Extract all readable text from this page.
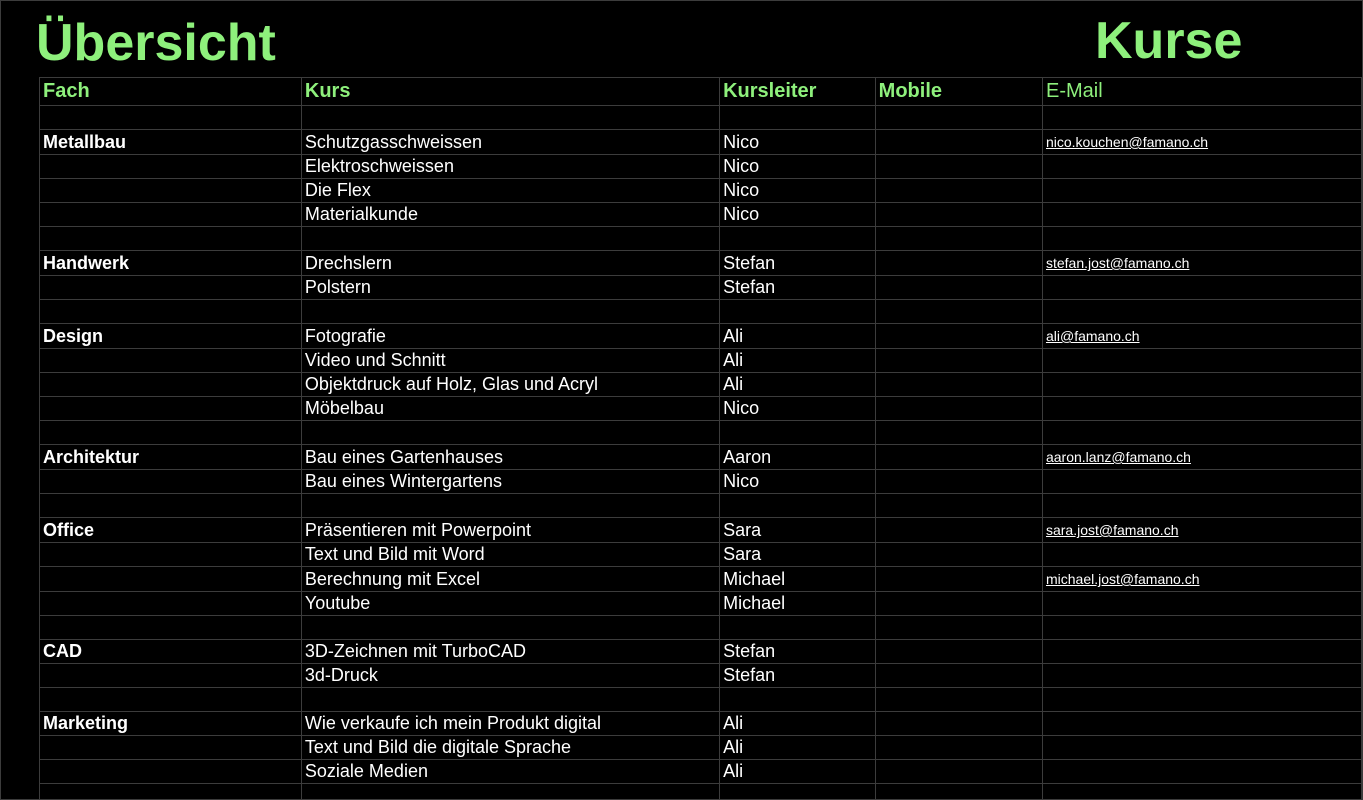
Übersicht	Kurse
Fach	Kurs	Kursleiter	Mobile	E-Mail

Metallbau	Schutzgasschweissen	Nico		nico.kouchen@famano.ch
	Elektroschweissen	Nico		
	Die Flex	Nico		
	Materialkunde	Nico		

Handwerk	Drechslern	Stefan		stefan.jost@famano.ch
	Polstern	Stefan		

Design	Fotografie	Ali		ali@famano.ch
	Video und Schnitt	Ali		
	Objektdruck auf Holz, Glas und Acryl	Ali		
	Möbelbau	Nico		

Architektur	Bau eines Gartenhauses	Aaron		aaron.lanz@famano.ch
	Bau eines Wintergartens	Nico		

Office	Präsentieren mit Powerpoint	Sara		sara.jost@famano.ch
	Text und Bild mit Word	Sara		
	Berechnung mit Excel	Michael		michael.jost@famano.ch
	Youtube	Michael		

CAD	3D-Zeichnen mit TurboCAD	Stefan		
	3d-Druck	Stefan		

Marketing	Wie verkaufe ich mein Produkt digital	Ali		
	Text und Bild die digitale Sprache	Ali		
	Soziale Medien	Ali		
